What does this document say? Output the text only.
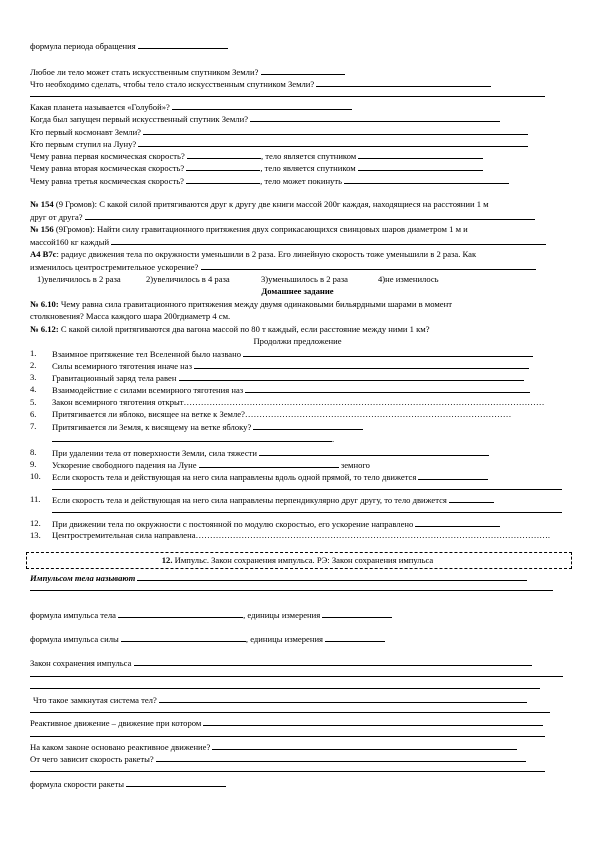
формула периода обращения
Любое ли тело может стать искусственным спутником Земли?
Что необходимо сделать, чтобы тело стало искусственным спутником Земли?
Какая планета называется «Голубой»?
Когда был запущен первый искусственный спутник Земли?
Кто первый космонавт Земли?
Кто первым ступил на Луну?
Чему равна первая космическая скорость?	, тело является спутником
Чему равна вторая космическая скорость?	, тело является спутником
Чему равна третья космическая скорость?	, тело может покинуть
№ 154 (9 Громов): С какой силой притягиваются друг к другу две книги массой 200г каждая, находящиеся на расстоянии 1 м
друг от друга?
№ 156 (9Громов): Найти силу гравитационного притяжения двух соприкасающихся свинцовых шаров диаметром 1 м и
массой160 кг каждый
А4 В7с: радиус движения тела по окружности уменьшили в 2 раза. Его линейную скорость тоже уменьшили в 2 раза. Как
изменилось центростремительное ускорение?
1)увеличилось в 2 раза	2)увеличилось в 4 раза	3)уменьшилось в 2 раза	4)не изменилось
Домашнее задание
№ 6.10: Чему равна сила гравитационного притяжения между двумя одинаковыми бильярдными шарами в момент
столкновения? Масса каждого шара 200гдиаметр 4 см.
№ 6.12: С какой силой притягиваются два вагона массой по 80 т каждый, если расстояние между ними 1 км?
Продолжи предложение
1. Взаимное притяжение тел Вселенной было названо
2. Силы всемирного тяготения иначе наз
3. Гравитационный заряд тела равен
4. Взаимодействие с силами всемирного тяготения наз
5. Закон всемирного тяготения открыт………………………………………………………………………………………………………………
6. Притягивается ли яблоко, висящее на ветке к Земле?…………………………………………………………………………………
7. Притягивается ли Земля, к висящему на ветке яблоку?
.
8. При удалении тела от поверхности Земли, сила тяжести
9. Ускорение свободного падения на Луне	земного
10. Если скорость тела и действующая на него сила направлены вдоль одной прямой, то тело движется
11. Если скорость тела и действующая на него сила направлены перпендикулярно друг другу, то тело движется
12. При движении тела по окружности с постоянной по модулю скоростью, его ускорение направлено
13. Центростремительная сила направлена…………………………………………………………………………………………………………….
12. Импульс. Закон сохранения импульса. РЭ: Закон сохранения импульса
Импульсом тела называют
формула импульса тела	, единицы измерения
формула импульса силы	, единицы измерения
Закон сохранения импульса
Что такое замкнутая система тел?
Реактивное движение – движение при котором
На каком законе основано реактивное движение?
От чего зависит скорость ракеты?
формула скорости ракеты
